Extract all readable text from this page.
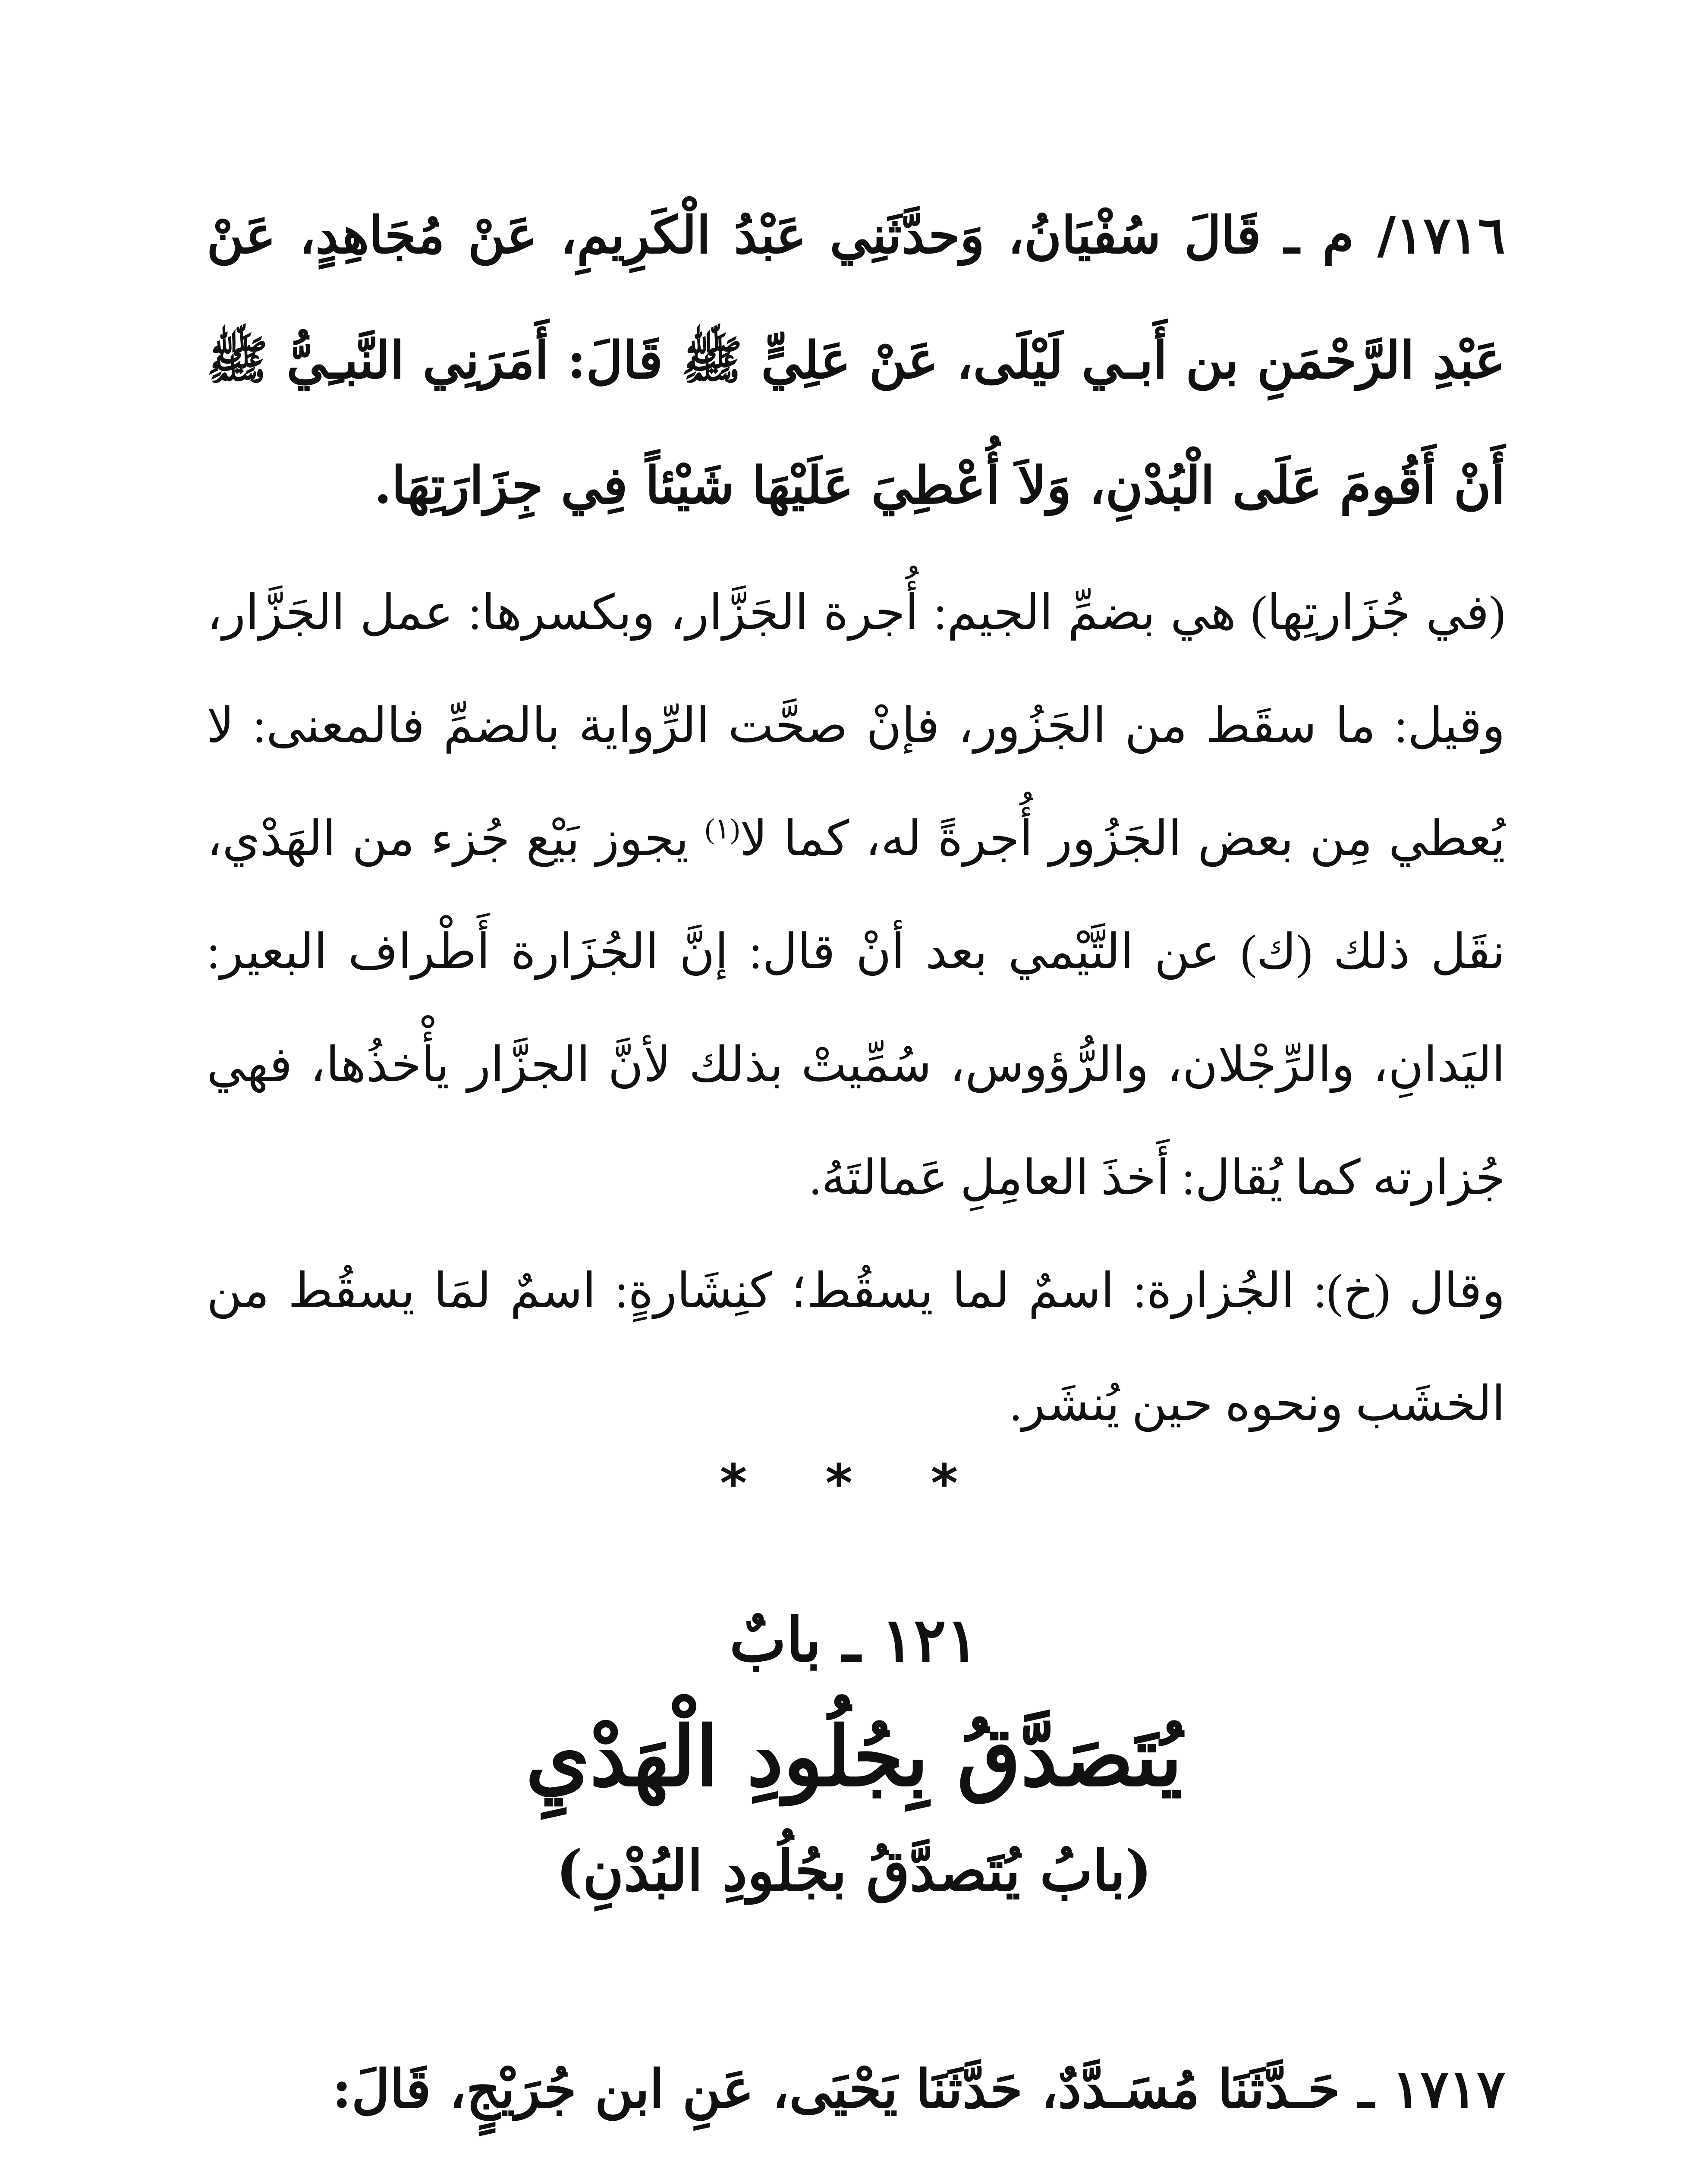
١٧١٦/ م ـ قَالَ سُفْيَانُ، وَحدَّثَنِي عَبْدُ الْكَرِيمِ، عَنْ مُجَاهِدٍ، عَنْ عَبْدِ الرَّحْمَنِ بن أَبـي لَيْلَى، عَنْ عَلِيٍّ ﷺ قَالَ: أَمَرَنِي النَّبـِيُّ ﷺ أَنْ أَقُومَ عَلَى الْبُدْنِ، وَلاَ أُعْطِيَ عَلَيْهَا شَيْئاً فِي جِزَارَتِهَا.

(في جُزَارتِها) هي بضمِّ الجيم: أُجرة الجَزَّار، وبكسرها: عمل الجَزَّار، وقيل: ما سقَط من الجَزُور، فإنْ صحَّت الرِّواية بالضمِّ فالمعنى: لا يُعطي مِن بعض الجَزُور أُجرةً له، كما لا$^{(١)}$ يجوز بَيْع جُزء من الهَدْي، نقَل ذلك (ك) عن التَّيْمي بعد أنْ قال: إنَّ الجُزَارة أَطْراف البعير: اليَدانِ، والرِّجْلان، والرُّؤوس، سُمِّيتْ بذلك لأنَّ الجزَّار يأْخذُها، فهي جُزارته كما يُقال: أَخذَ العامِلِ عَمالتَهُ.

وقال (خ): الجُزارة: اسمٌ لما يسقُط؛ كنِشَارةٍ: اسمٌ لمَا يسقُط من الخشَب ونحوه حين يُنشَر.

* * *
١٢١ ـ بابٌ
يُتَصَدَّقُ بِجُلُودِ الْهَدْيِ
(بابُ يُتَصدَّقُ بجُلُودِ البُدْنِ)

١٧١٧ ـ حَـدَّثَنَا مُسَـدَّدٌ، حَدَّثَنَا يَحْيَى، عَنِ ابن جُرَيْجٍ، قَالَ:
